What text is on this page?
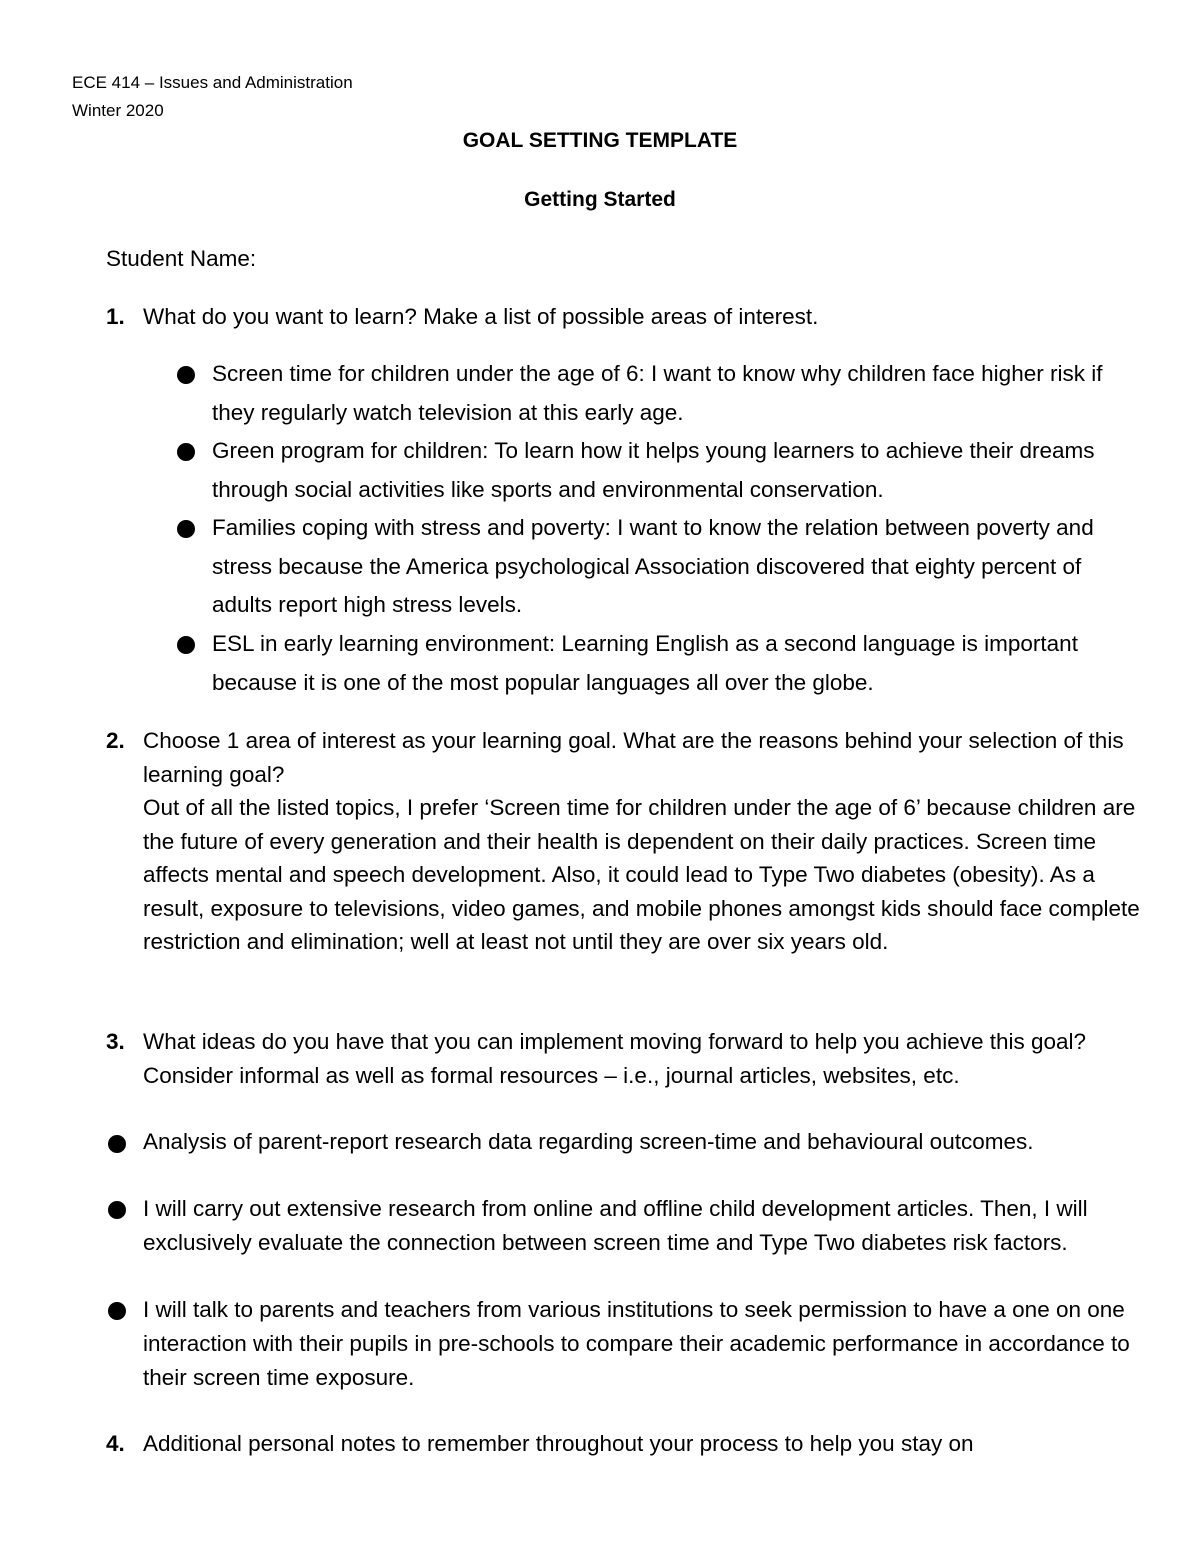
ECE 414 – Issues and Administration
Winter 2020
GOAL SETTING TEMPLATE
Getting Started
Student Name:
1. What do you want to learn? Make a list of possible areas of interest.
Screen time for children under the age of 6: I want to know why children face higher risk if they regularly watch television at this early age.
Green program for children: To learn how it helps young learners to achieve their dreams through social activities like sports and environmental conservation.
Families coping with stress and poverty: I want to know the relation between poverty and stress because the America psychological Association discovered that eighty percent of adults report high stress levels.
ESL in early learning environment: Learning English as a second language is important because it is one of the most popular languages all over the globe.
2. Choose 1 area of interest as your learning goal. What are the reasons behind your selection of this learning goal?
Out of all the listed topics, I prefer ‘Screen time for children under the age of 6’ because children are the future of every generation and their health is dependent on their daily practices. Screen time affects mental and speech development. Also, it could lead to Type Two diabetes (obesity). As a result, exposure to televisions, video games, and mobile phones amongst kids should face complete restriction and elimination; well at least not until they are over six years old.
3. What ideas do you have that you can implement moving forward to help you achieve this goal? Consider informal as well as formal resources – i.e., journal articles, websites, etc.
Analysis of parent-report research data regarding screen-time and behavioural outcomes.
I will carry out extensive research from online and offline child development articles. Then, I will exclusively evaluate the connection between screen time and Type Two diabetes risk factors.
I will talk to parents and teachers from various institutions to seek permission to have a one on one interaction with their pupils in pre-schools to compare their academic performance in accordance to their screen time exposure.
4. Additional personal notes to remember throughout your process to help you stay on
